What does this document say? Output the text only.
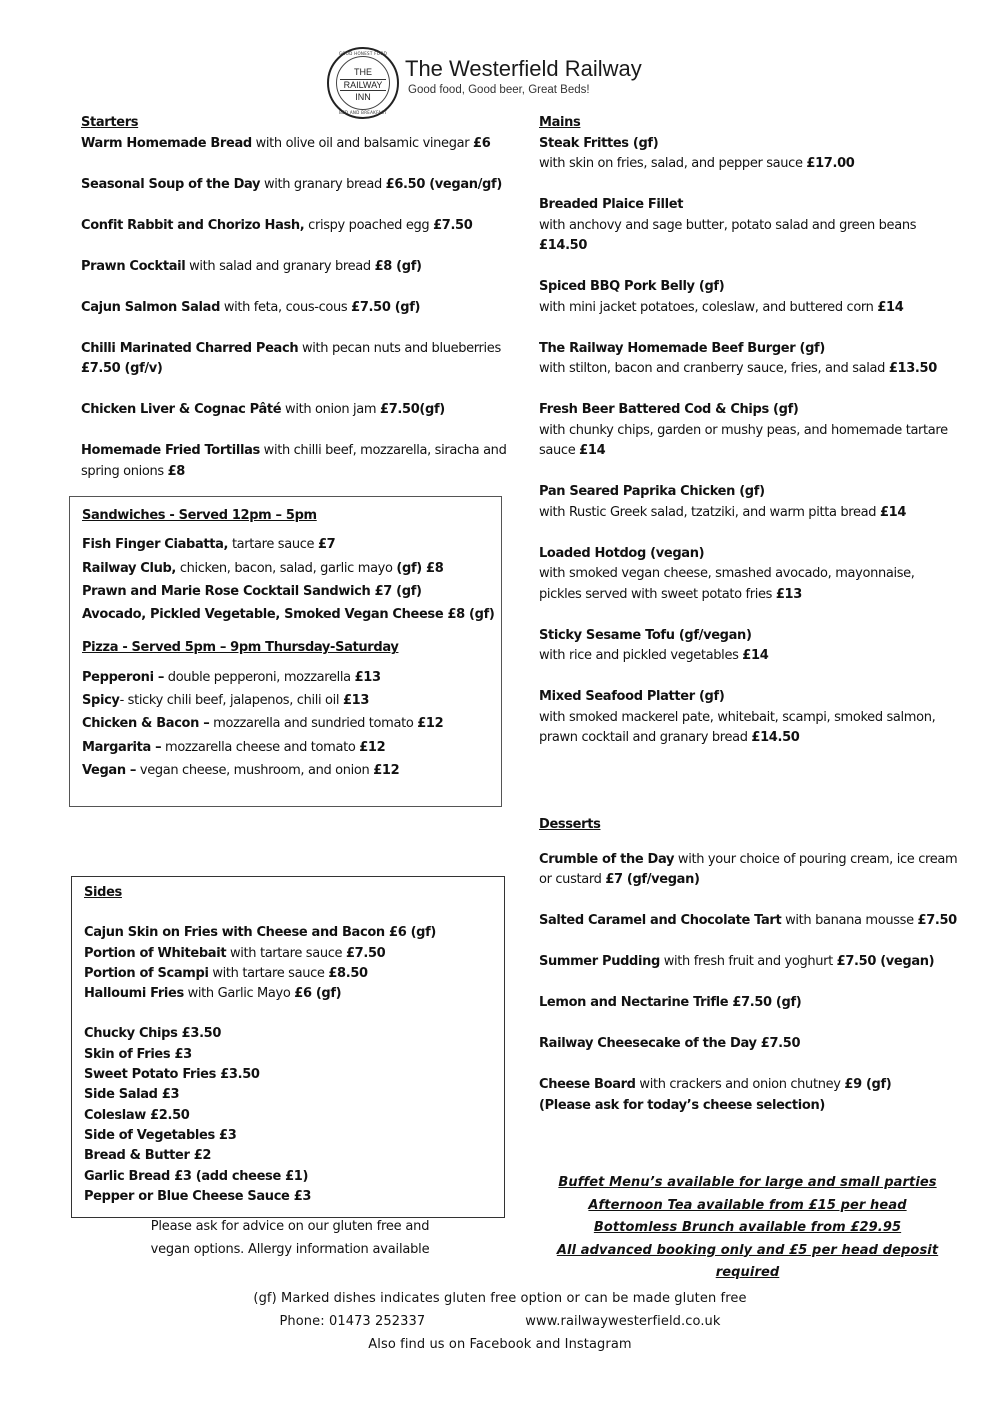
GOOD HONEST FOOD
THE
RAILWAY
INN
BED AND BREAKFAST
The Westerfield Railway
Good food, Good beer, Great Beds!
Starters
Warm Homemade Bread with olive oil and balsamic vinegar £6
Seasonal Soup of the Day with granary bread £6.50 (vegan/gf)
Confit Rabbit and Chorizo Hash, crispy poached egg £7.50
Prawn Cocktail with salad and granary bread £8 (gf)
Cajun Salmon Salad with feta, cous-cous £7.50 (gf)
Chilli Marinated Charred Peach with pecan nuts and blueberries £7.50 (gf/v)
Chicken Liver & Cognac Pâté with onion jam £7.50(gf)
Homemade Fried Tortillas with chilli beef, mozzarella, siracha and spring onions £8
Sandwiches - Served 12pm – 5pm
Fish Finger Ciabatta, tartare sauce £7
Railway Club, chicken, bacon, salad, garlic mayo (gf) £8
Prawn and Marie Rose Cocktail Sandwich £7 (gf)
Avocado, Pickled Vegetable, Smoked Vegan Cheese £8 (gf)
Pizza - Served 5pm – 9pm Thursday-Saturday
Pepperoni – double pepperoni, mozzarella £13
Spicy- sticky chili beef, jalapenos, chili oil £13
Chicken & Bacon – mozzarella and sundried tomato £12
Margarita – mozzarella cheese and tomato £12
Vegan – vegan cheese, mushroom, and onion £12
Sides
Cajun Skin on Fries with Cheese and Bacon £6 (gf)
Portion of Whitebait with tartare sauce £7.50
Portion of Scampi with tartare sauce £8.50
Halloumi Fries with Garlic Mayo £6 (gf)
Chucky Chips £3.50
Skin of Fries £3
Sweet Potato Fries £3.50
Side Salad £3
Coleslaw £2.50
Side of Vegetables £3
Bread & Butter £2
Garlic Bread £3 (add cheese £1)
Pepper or Blue Cheese Sauce £3
Please ask for advice on our gluten free and
vegan options. Allergy information available
Mains
Steak Frittes (gf)
with skin on fries, salad, and pepper sauce £17.00
Breaded Plaice Fillet
with anchovy and sage butter, potato salad and green beans £14.50
Spiced BBQ Pork Belly (gf)
with mini jacket potatoes, coleslaw, and buttered corn £14
The Railway Homemade Beef Burger (gf)
with stilton, bacon and cranberry sauce, fries, and salad £13.50
Fresh Beer Battered Cod & Chips (gf)
with chunky chips, garden or mushy peas, and homemade tartare sauce £14
Pan Seared Paprika Chicken (gf)
with Rustic Greek salad, tzatziki, and warm pitta bread £14
Loaded Hotdog (vegan)
with smoked vegan cheese, smashed avocado, mayonnaise, pickles served with sweet potato fries £13
Sticky Sesame Tofu (gf/vegan)
with rice and pickled vegetables £14
Mixed Seafood Platter (gf)
with smoked mackerel pate, whitebait, scampi, smoked salmon, prawn cocktail and granary bread £14.50
Desserts
Crumble of the Day with your choice of pouring cream, ice cream or custard £7 (gf/vegan)
Salted Caramel and Chocolate Tart with banana mousse £7.50
Summer Pudding with fresh fruit and yoghurt £7.50 (vegan)
Lemon and Nectarine Trifle £7.50 (gf)
Railway Cheesecake of the Day £7.50
Cheese Board with crackers and onion chutney £9 (gf)
(Please ask for today’s cheese selection)
Buffet Menu’s available for large and small parties
Afternoon Tea available from £15 per head
Bottomless Brunch available from £29.95
All advanced booking only and £5 per head deposit required
(gf) Marked dishes indicates gluten free option or can be made gluten free
Phone: 01473 252337	www.railwaywesterfield.co.uk
Also find us on Facebook and Instagram
